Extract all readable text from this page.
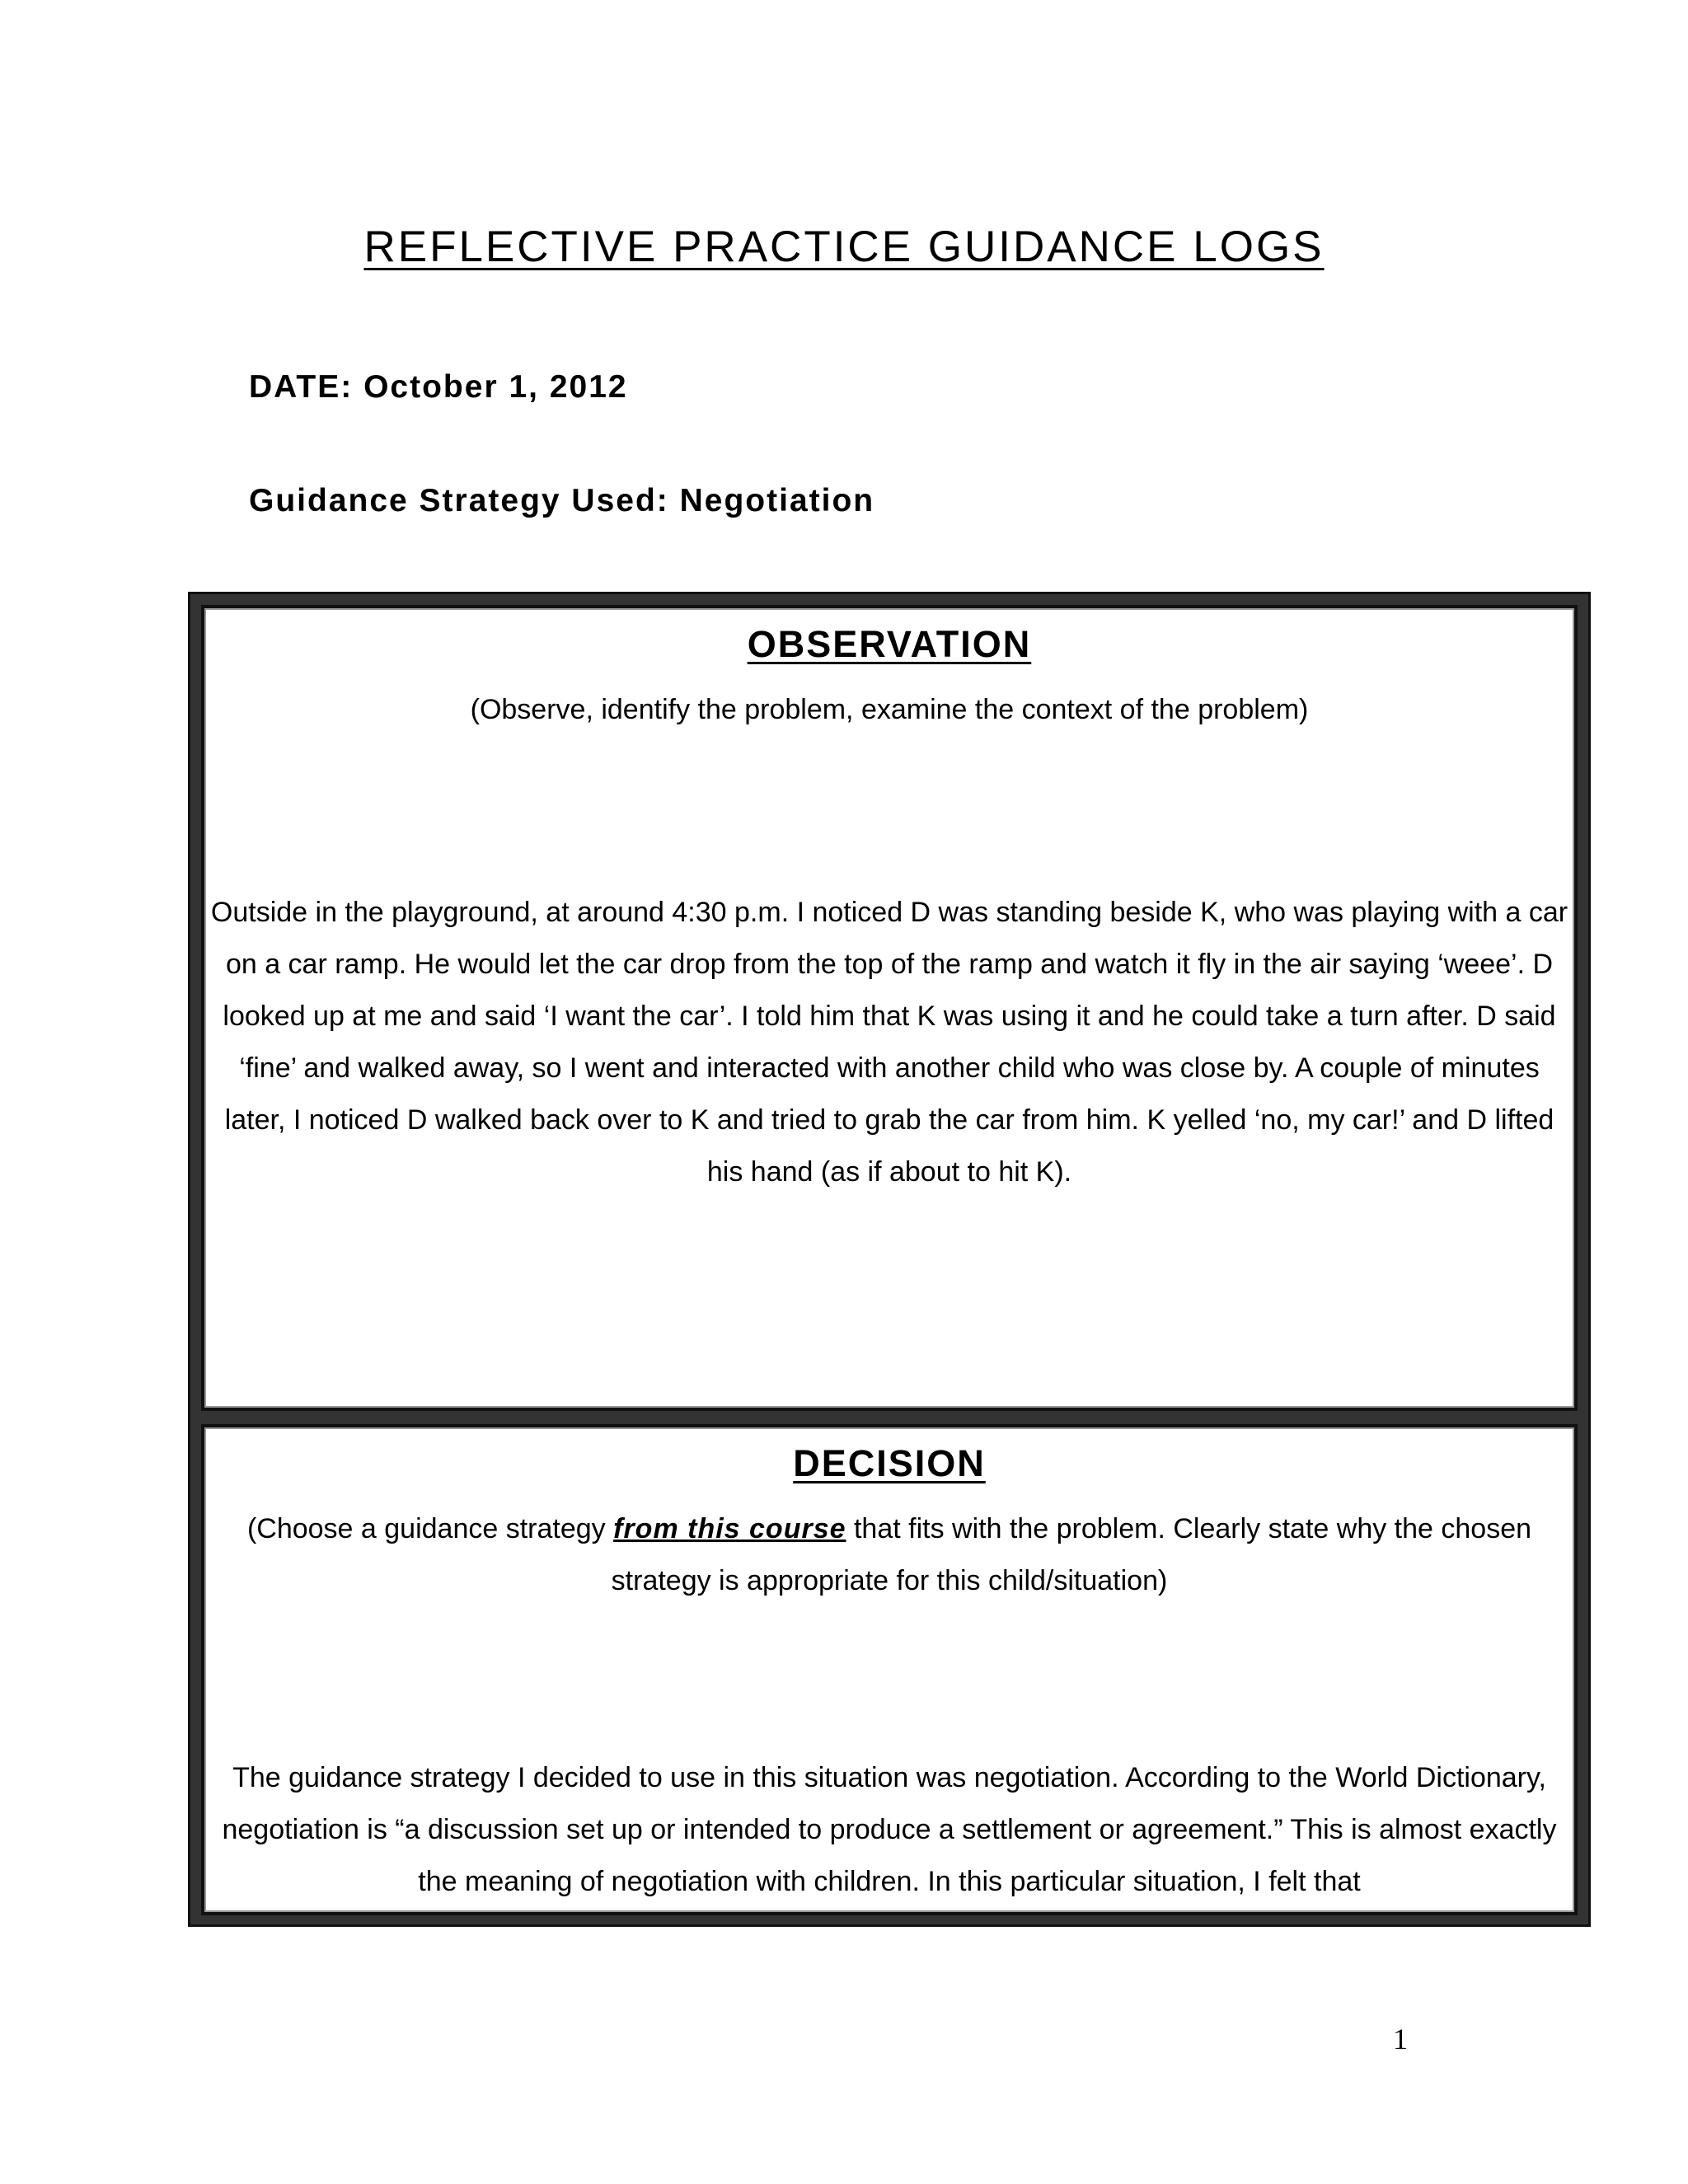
REFLECTIVE PRACTICE GUIDANCE LOGS
DATE: October 1, 2012
Guidance Strategy Used: Negotiation
OBSERVATION

(Observe, identify the problem, examine the context of the problem)

Outside in the playground, at around 4:30 p.m. I noticed D was standing beside K, who was playing with a car on a car ramp. He would let the car drop from the top of the ramp and watch it fly in the air saying ‘weee’. D looked up at me and said ‘I want the car’. I told him that K was using it and he could take a turn after. D said ‘fine’ and walked away, so I went and interacted with another child who was close by. A couple of minutes later, I noticed D walked back over to K and tried to grab the car from him. K yelled ‘no, my car!’ and D lifted his hand (as if about to hit K).

DECISION

(Choose a guidance strategy from this course that fits with the problem. Clearly state why the chosen strategy is appropriate for this child/situation)

The guidance strategy I decided to use in this situation was negotiation. According to the World Dictionary, negotiation is “a discussion set up or intended to produce a settlement or agreement.” This is almost exactly the meaning of negotiation with children. In this particular situation, I felt that

1
